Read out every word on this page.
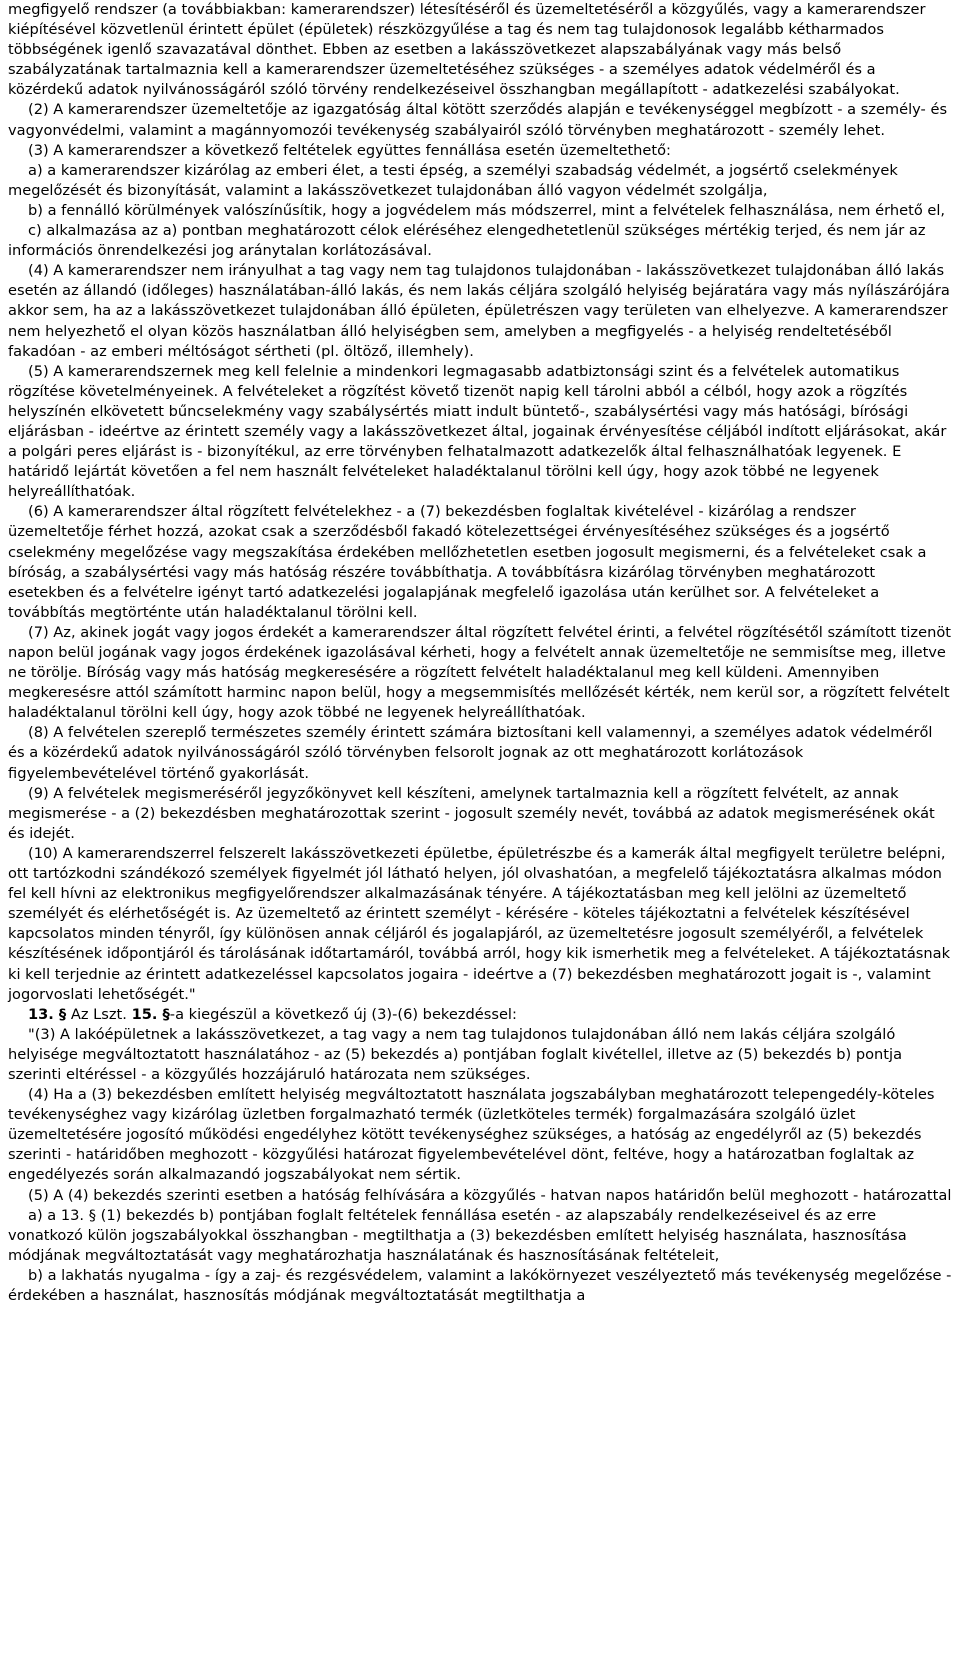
megfigyelő rendszer (a továbbiakban: kamerarendszer) létesítéséről és üzemeltetéséről a közgyűlés, vagy a kamerarendszer kiépítésével közvetlenül érintett épület (épületek) részközgyűlése a tag és nem tag tulajdonosok legalább kétharmados többségének igenlő szavazatával dönthet. Ebben az esetben a lakásszövetkezet alapszabályának vagy más belső szabályzatának tartalmaznia kell a kamerarendszer üzemeltetéséhez szükséges - a személyes adatok védelméről és a közérdekű adatok nyilvánosságáról szóló törvény rendelkezéseivel összhangban megállapított - adatkezelési szabályokat.

(2) A kamerarendszer üzemeltetője az igazgatóság által kötött szerződés alapján e tevékenységgel megbízott - a személy- és vagyonvédelmi, valamint a magánnyomozói tevékenység szabályairól szóló törvényben meghatározott - személy lehet.

(3) A kamerarendszer a következő feltételek együttes fennállása esetén üzemeltethető:

a) a kamerarendszer kizárólag az emberi élet, a testi épség, a személyi szabadság védelmét, a jogsértő cselekmények megelőzését és bizonyítását, valamint a lakásszövetkezet tulajdonában álló vagyon védelmét szolgálja,

b) a fennálló körülmények valószínűsítik, hogy a jogvédelem más módszerrel, mint a felvételek felhasználása, nem érhető el,

c) alkalmazása az a) pontban meghatározott célok eléréséhez elengedhetetlenül szükséges mértékig terjed, és nem jár az információs önrendelkezési jog aránytalan korlátozásával.

(4) A kamerarendszer nem irányulhat a tag vagy nem tag tulajdonos tulajdonában - lakásszövetkezet tulajdonában álló lakás esetén az állandó (időleges) használatában-álló lakás, és nem lakás céljára szolgáló helyiség bejáratára vagy más nyílászárójára akkor sem, ha az a lakásszövetkezet tulajdonában álló épületen, épületrészen vagy területen van elhelyezve. A kamerarendszer nem helyezhető el olyan közös használatban álló helyiségben sem, amelyben a megfigyelés - a helyiség rendeltetéséből fakadóan - az emberi méltóságot sértheti (pl. öltöző, illemhely).

(5) A kamerarendszernek meg kell felelnie a mindenkori legmagasabb adatbiztonsági szint és a felvételek automatikus rögzítése követelményeinek. A felvételeket a rögzítést követő tizenöt napig kell tárolni abból a célból, hogy azok a rögzítés helyszínén elkövetett bűncselekmény vagy szabálysértés miatt indult büntető-, szabálysértési vagy más hatósági, bírósági eljárásban - ideértve az érintett személy vagy a lakásszövetkezet által, jogainak érvényesítése céljából indított eljárásokat, akár a polgári peres eljárást is - bizonyítékul, az erre törvényben felhatalmazott adatkezelők által felhasználhatóak legyenek. E határidő lejártát követően a fel nem használt felvételeket haladéktalanul törölni kell úgy, hogy azok többé ne legyenek helyreállíthatóak.

(6) A kamerarendszer által rögzített felvételekhez - a (7) bekezdésben foglaltak kivételével - kizárólag a rendszer üzemeltetője férhet hozzá, azokat csak a szerződésből fakadó kötelezettségei érvényesítéséhez szükséges és a jogsértő cselekmény megelőzése vagy megszakítása érdekében mellőzhetetlen esetben jogosult megismerni, és a felvételeket csak a bíróság, a szabálysértési vagy más hatóság részére továbbíthatja. A továbbításra kizárólag törvényben meghatározott esetekben és a felvételre igényt tartó adatkezelési jogalapjának megfelelő igazolása után kerülhet sor. A felvételeket a továbbítás megtörténte után haladéktalanul törölni kell.

(7) Az, akinek jogát vagy jogos érdekét a kamerarendszer által rögzített felvétel érinti, a felvétel rögzítésétől számított tizenöt napon belül jogának vagy jogos érdekének igazolásával kérheti, hogy a felvételt annak üzemeltetője ne semmisítse meg, illetve ne törölje. Bíróság vagy más hatóság megkeresésére a rögzített felvételt haladéktalanul meg kell küldeni. Amennyiben megkeresésre attól számított harminc napon belül, hogy a megsemmisítés mellőzését kérték, nem kerül sor, a rögzített felvételt haladéktalanul törölni kell úgy, hogy azok többé ne legyenek helyreállíthatóak.

(8) A felvételen szereplő természetes személy érintett számára biztosítani kell valamennyi, a személyes adatok védelméről és a közérdekű adatok nyilvánosságáról szóló törvényben felsorolt jognak az ott meghatározott korlátozások figyelembevételével történő gyakorlását.

(9) A felvételek megismeréséről jegyzőkönyvet kell készíteni, amelynek tartalmaznia kell a rögzített felvételt, az annak megismerése - a (2) bekezdésben meghatározottak szerint - jogosult személy nevét, továbbá az adatok megismerésének okát és idejét.

(10) A kamerarendszerrel felszerelt lakásszövetkezeti épületbe, épületrészbe és a kamerák által megfigyelt területre belépni, ott tartózkodni szándékozó személyek figyelmét jól látható helyen, jól olvashatóan, a megfelelő tájékoztatásra alkalmas módon fel kell hívni az elektronikus megfigyelőrendszer alkalmazásának tényére. A tájékoztatásban meg kell jelölni az üzemeltető személyét és elérhetőségét is. Az üzemeltető az érintett személyt - kérésére - köteles tájékoztatni a felvételek készítésével kapcsolatos minden tényről, így különösen annak céljáról és jogalapjáról, az üzemeltetésre jogosult személyéről, a felvételek készítésének időpontjáról és tárolásának időtartamáról, továbbá arról, hogy kik ismerhetik meg a felvételeket. A tájékoztatásnak ki kell terjednie az érintett adatkezeléssel kapcsolatos jogaira - ideértve a (7) bekezdésben meghatározott jogait is -, valamint jogorvoslati lehetőségét."

13. § Az Lszt. 15. §-a kiegészül a következő új (3)-(6) bekezdéssel:

"(3) A lakóépületnek a lakásszövetkezet, a tag vagy a nem tag tulajdonos tulajdonában álló nem lakás céljára szolgáló helyisége megváltoztatott használatához - az (5) bekezdés a) pontjában foglalt kivétellel, illetve az (5) bekezdés b) pontja szerinti eltéréssel - a közgyűlés hozzájáruló határozata nem szükséges.

(4) Ha a (3) bekezdésben említett helyiség megváltoztatott használata jogszabályban meghatározott telepengedély-köteles tevékenységhez vagy kizárólag üzletben forgalmazható termék (üzletköteles termék) forgalmazására szolgáló üzlet üzemeltetésére jogosító működési engedélyhez kötött tevékenységhez szükséges, a hatóság az engedélyről az (5) bekezdés szerinti - határidőben meghozott - közgyűlési határozat figyelembevételével dönt, feltéve, hogy a határozatban foglaltak az engedélyezés során alkalmazandó jogszabályokat nem sértik.

(5) A (4) bekezdés szerinti esetben a hatóság felhívására a közgyűlés - hatvan napos határidőn belül meghozott - határozattal

a) a 13. § (1) bekezdés b) pontjában foglalt feltételek fennállása esetén - az alapszabály rendelkezéseivel és az erre vonatkozó külön jogszabályokkal összhangban - megtilthatja a (3) bekezdésben említett helyiség használata, hasznosítása módjának megváltoztatását vagy meghatározhatja használatának és hasznosításának feltételeit,

b) a lakhatás nyugalma - így a zaj- és rezgésvédelem, valamint a lakókörnyezet veszélyeztető más tevékenység megelőzése - érdekében a használat, hasznosítás módjának megváltoztatását megtilthatja a
